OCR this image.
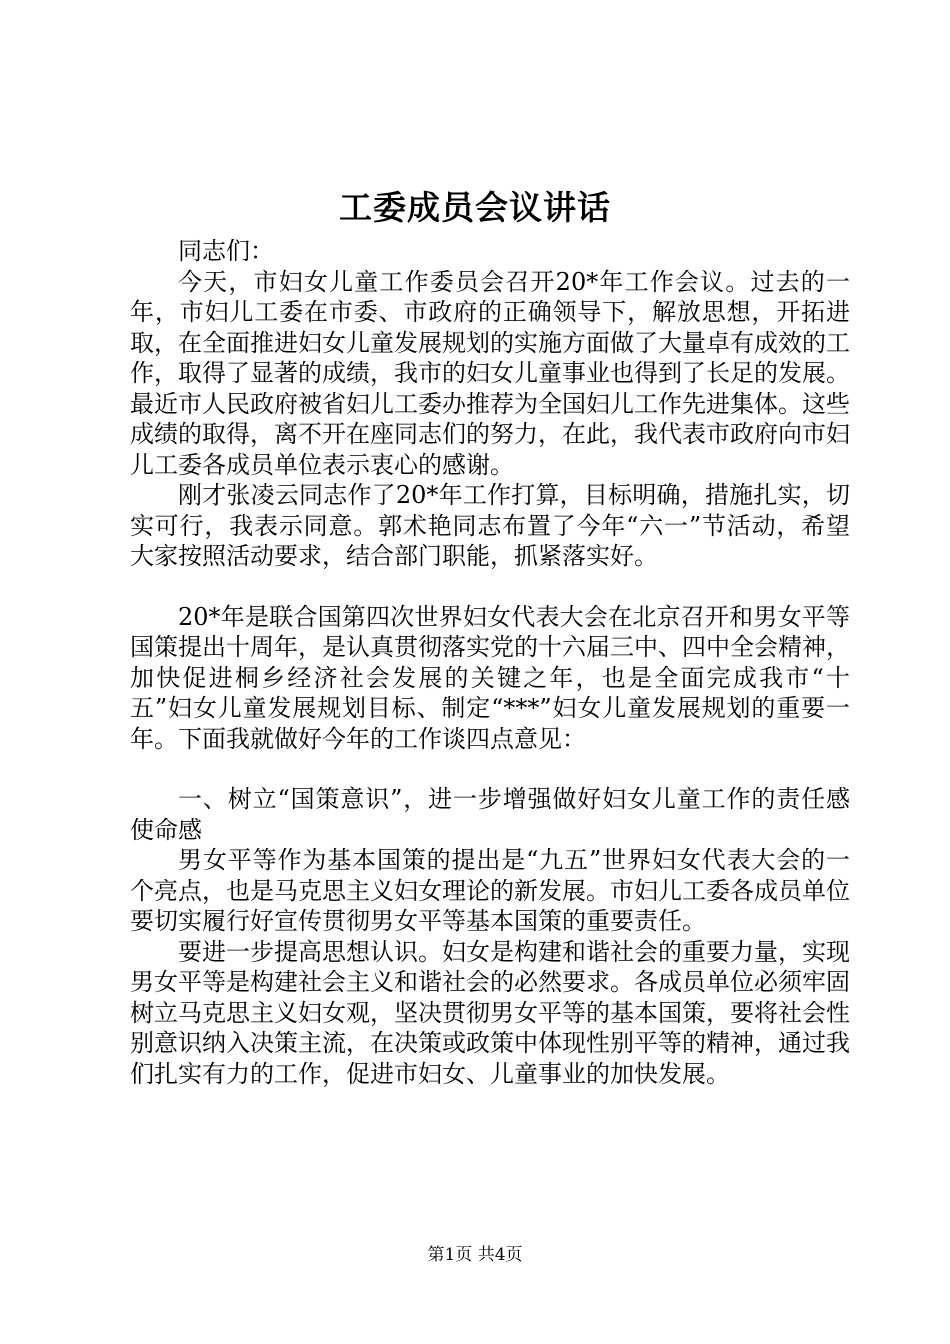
工委成员会议讲话

同志们：

今天，市妇女儿童工作委员会召开20*年工作会议。过去的一年，市妇儿工委在市委、市政府的正确领导下，解放思想，开拓进取，在全面推进妇女儿童发展规划的实施方面做了大量卓有成效的工作，取得了显著的成绩，我市的妇女儿童事业也得到了长足的发展。最近市人民政府被省妇儿工委办推荐为全国妇儿工作先进集体。这些成绩的取得，离不开在座同志们的努力，在此，我代表市政府向市妇儿工委各成员单位表示衷心的感谢。

刚才张凌云同志作了20*年工作打算，目标明确，措施扎实，切实可行，我表示同意。郭术艳同志布置了今年“六一”节活动，希望大家按照活动要求，结合部门职能，抓紧落实好。

20*年是联合国第四次世界妇女代表大会在北京召开和男女平等国策提出十周年，是认真贯彻落实党的十六届三中、四中全会精神，加快促进桐乡经济社会发展的关键之年，也是全面完成我市“十五”妇女儿童发展规划目标、制定“***”妇女儿童发展规划的重要一年。下面我就做好今年的工作谈四点意见：

一、树立“国策意识”，进一步增强做好妇女儿童工作的责任感使命感

男女平等作为基本国策的提出是“九五”世界妇女代表大会的一个亮点，也是马克思主义妇女理论的新发展。市妇儿工委各成员单位要切实履行好宣传贯彻男女平等基本国策的重要责任。

要进一步提高思想认识。妇女是构建和谐社会的重要力量，实现男女平等是构建社会主义和谐社会的必然要求。各成员单位必须牢固树立马克思主义妇女观，坚决贯彻男女平等的基本国策，要将社会性别意识纳入决策主流，在决策或政策中体现性别平等的精神，通过我们扎实有力的工作，促进市妇女、儿童事业的加快发展。

第1页 共4页
